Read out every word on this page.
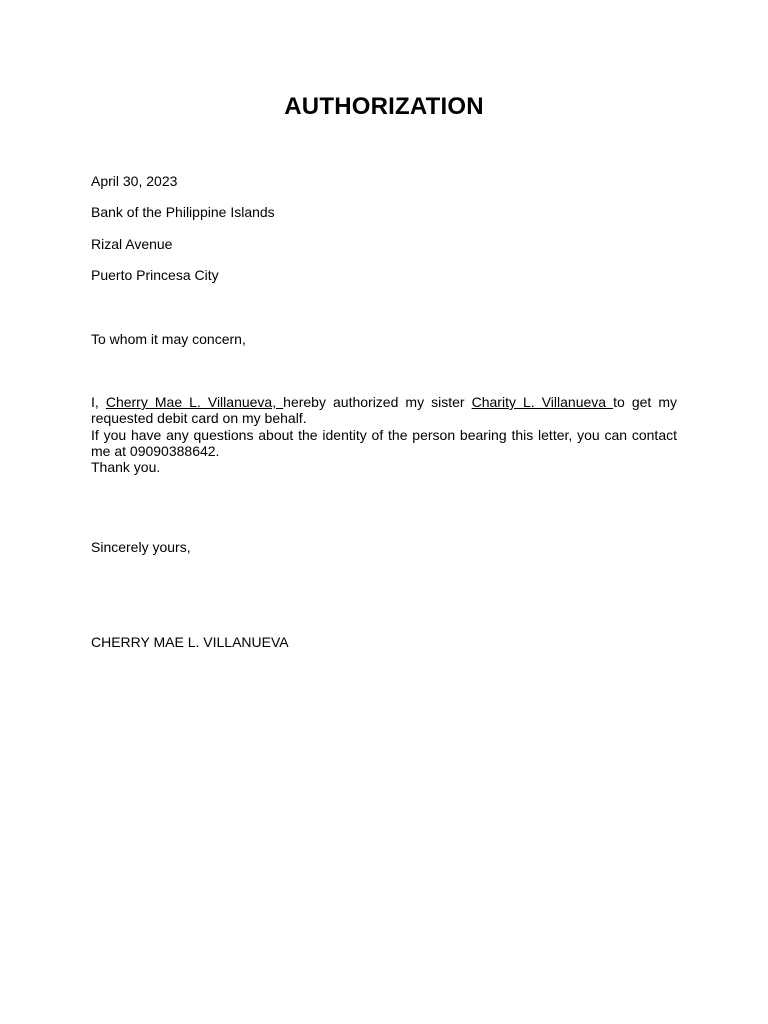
AUTHORIZATION

April 30, 2023

Bank of the Philippine Islands

Rizal Avenue

Puerto Princesa City

To whom it may concern,

I, Cherry Mae L. Villanueva, hereby authorized my sister Charity L. Villanueva to get my requested debit card on my behalf.

If you have any questions about the identity of the person bearing this letter, you can contact me at 09090388642.

Thank you.

Sincerely yours,

CHERRY MAE L. VILLANUEVA
